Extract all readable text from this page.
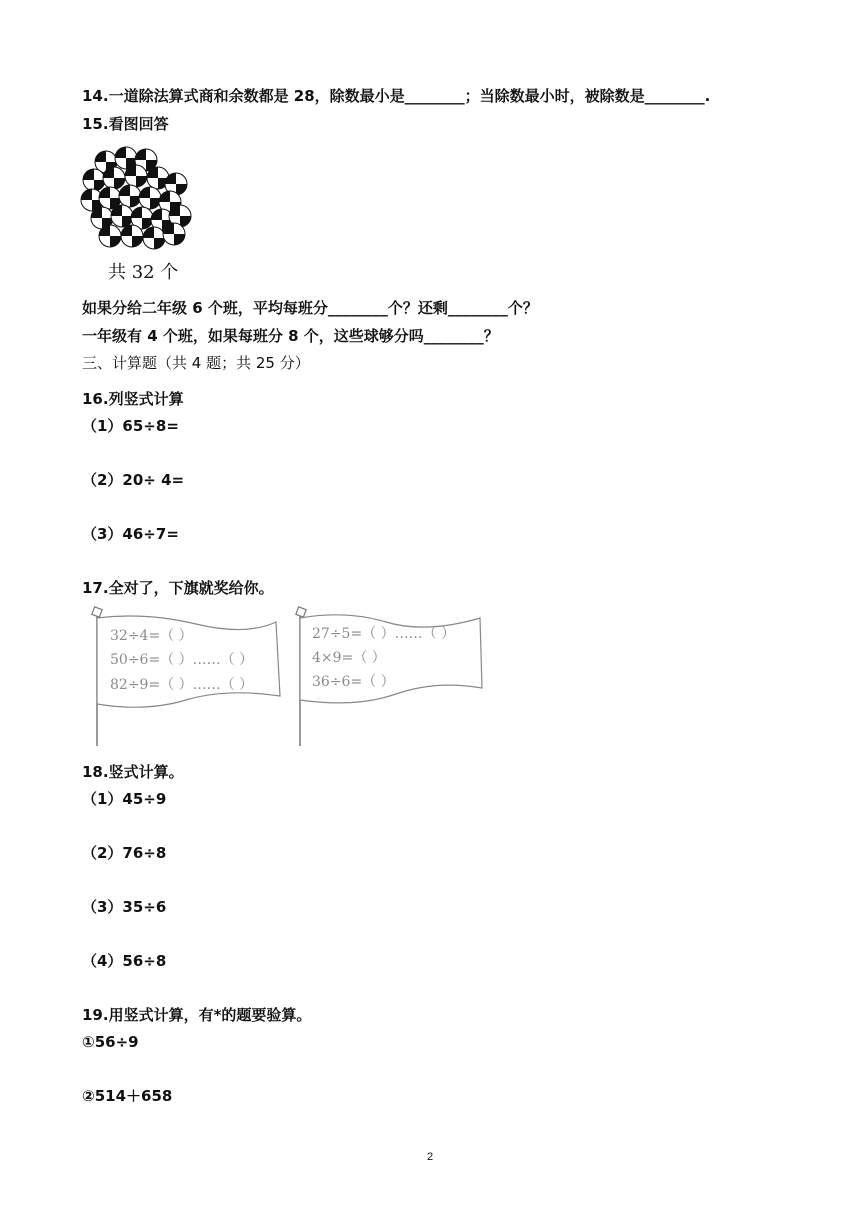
14.一道除法算式商和余数都是 28，除数最小是________；当除数最小时，被除数是________.
15.看图回答
共 32 个
如果分给二年级 6 个班，平均每班分________个？还剩________个？
一年级有 4 个班，如果每班分 8 个，这些球够分吗________？
三、计算题（共 4 题；共 25 分）
16.列竖式计算
（1）65÷8=
（2）20÷ 4=
（3）46÷7=
17.全对了，下旗就奖给你。
32÷4=（ ）
50÷6=（ ）……（ ）
82÷9=（ ）……（ ）
27÷5=（ ）……（ ）
4×9=（ ）
36÷6=（ ）
18.竖式计算。
（1）45÷9
（2）76÷8
（3）35÷6
（4）56÷8
19.用竖式计算，有*的题要验算。
①56÷9
②514＋658
2
